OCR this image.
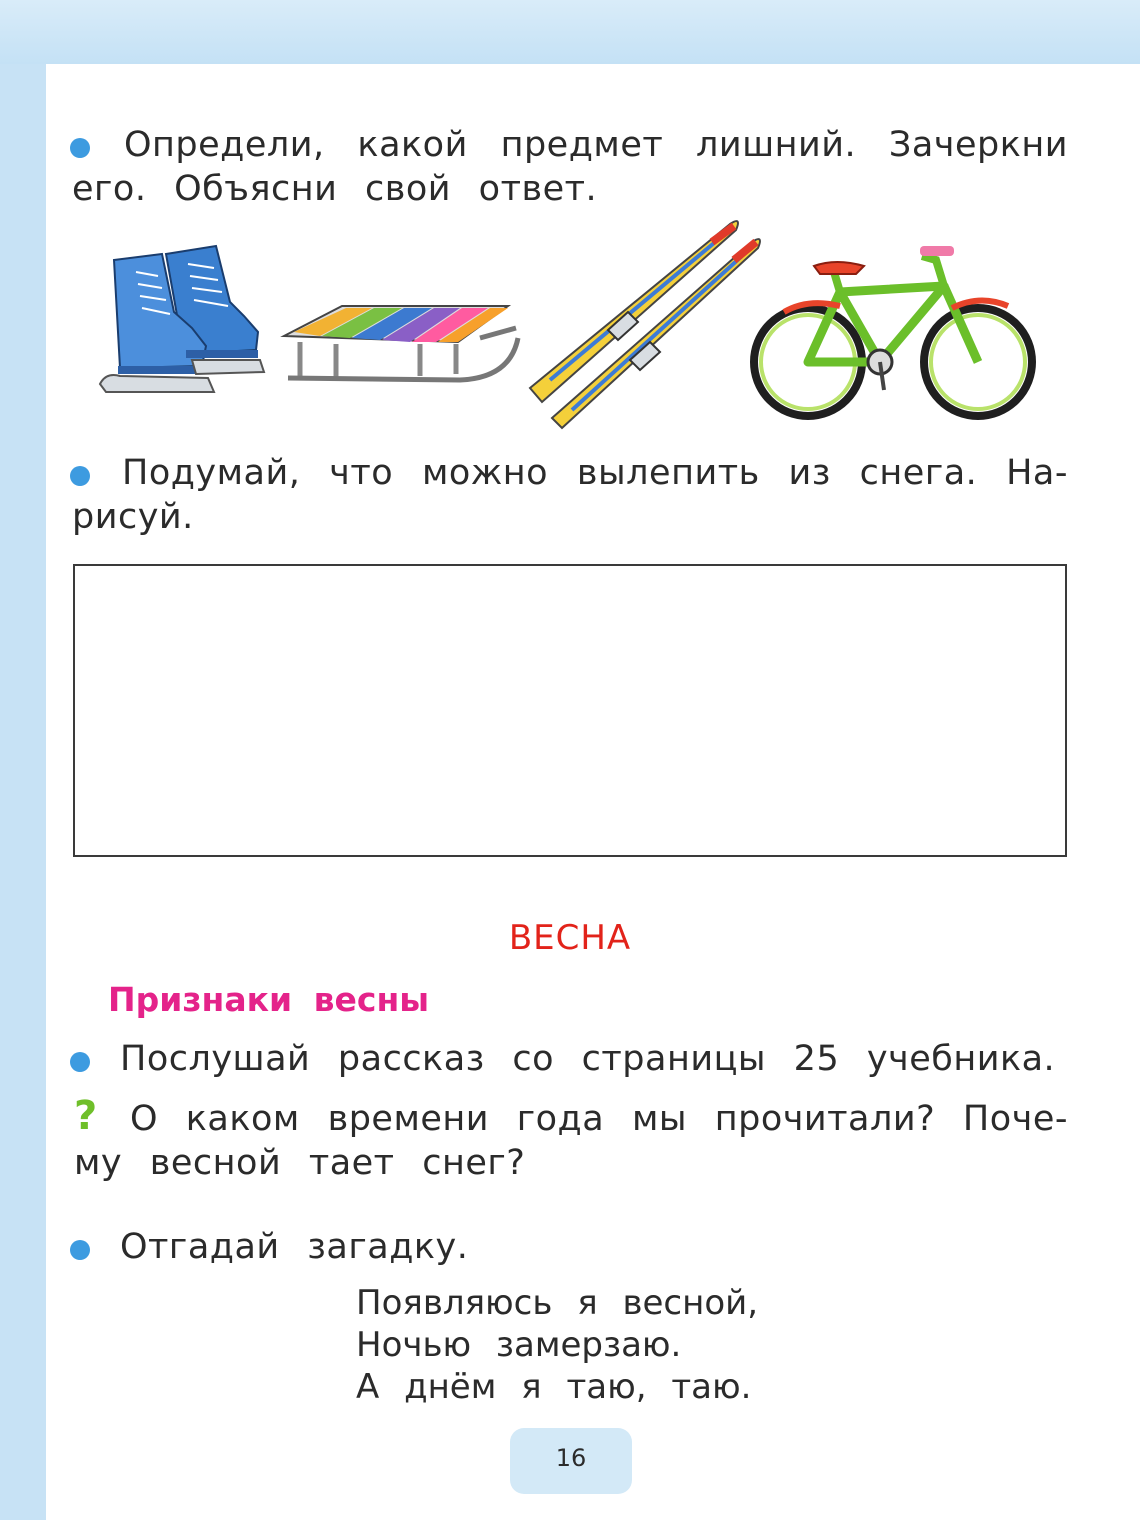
Определи, какой предмет лишний. Зачеркни
его. Объясни свой ответ.
Подумай, что можно вылепить из снега. На-
рисуй.
ВЕСНА
Признаки весны
Послушай рассказ со страницы 25 учебника.
? О каком времени года мы прочитали? Поче-
му весной тает снег?
Отгадай загадку.
Появляюсь я весной,
Ночью замерзаю.
А днём я таю, таю.
16
